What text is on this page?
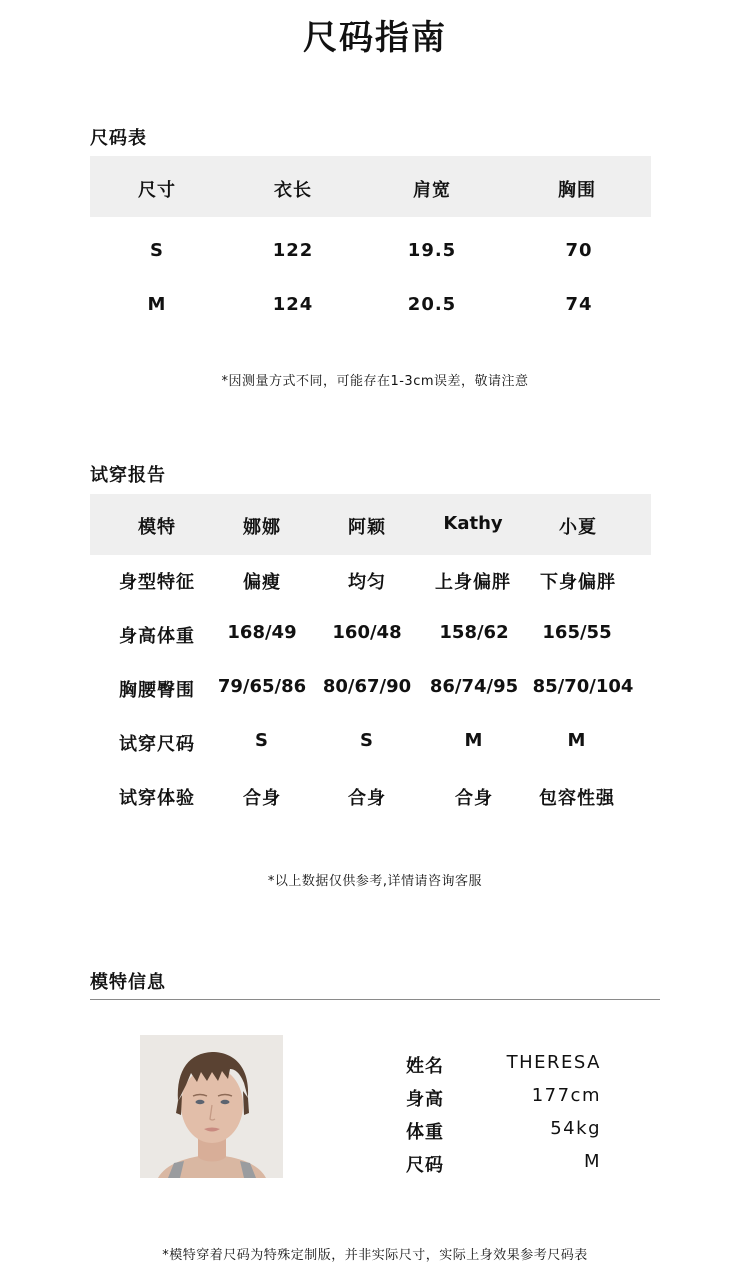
尺码指南
尺码表
尺寸	衣长	肩宽	胸围
S	122	19.5	70
M	124	20.5	74
*因测量方式不同，可能存在1-3cm误差，敬请注意
试穿报告
模特	娜娜	阿颖	Kathy	小夏
身型特征	偏瘦	均匀	上身偏胖 下身偏胖
身高体重 168/49 160/48 158/62 165/55
胸腰臀围 79/65/86 80/67/90 86/74/95 85/70/104
试穿尺码	S	S	M	M
试穿体验	合身	合身	合身	包容性强
*以上数据仅供参考,详情请咨询客服
模特信息
姓名	THERESA
身高	177cm
体重	54kg
尺码	M
*模特穿着尺码为特殊定制版，并非实际尺寸，实际上身效果参考尺码表
